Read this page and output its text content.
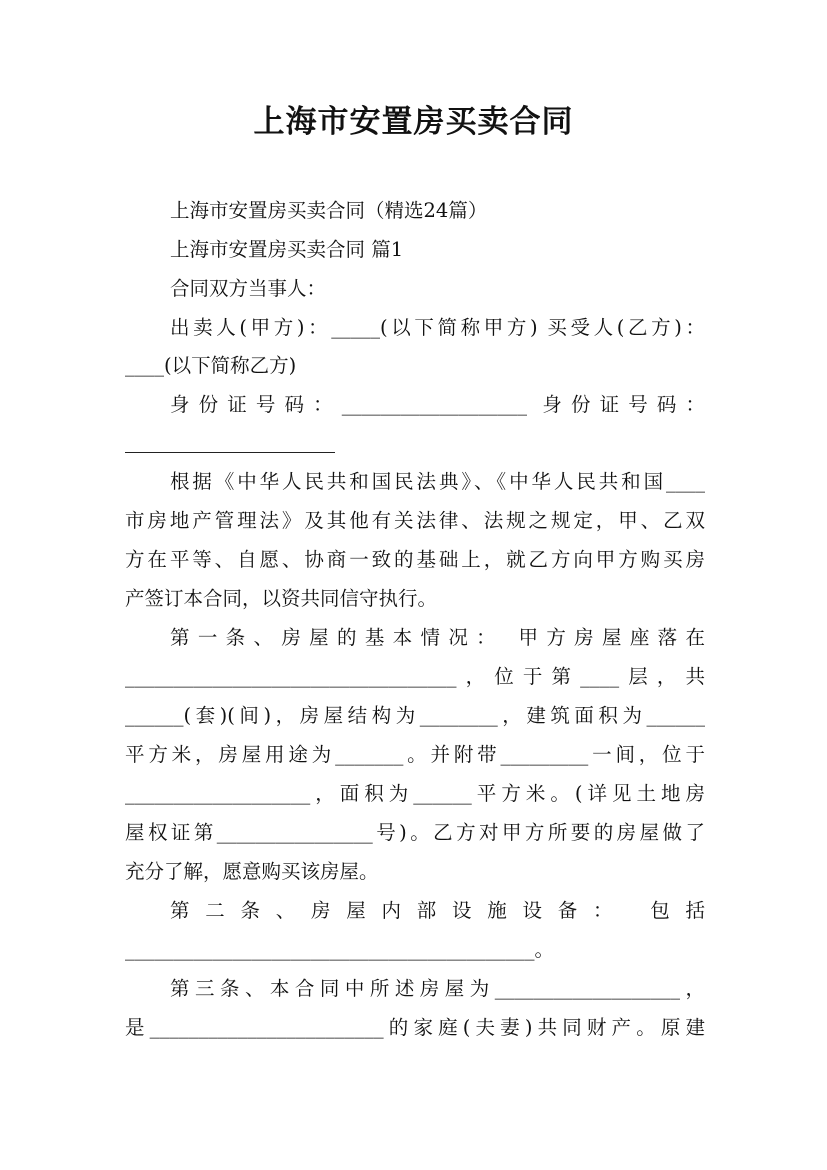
上海市安置房买卖合同
上海市安置房买卖合同（精选24篇）
上海市安置房买卖合同 篇1
合同双方当事人：
出卖人(甲方)：_____(以下简称甲方) 买受人(乙方)：
____(以下简称乙方)
身份证号码：___________________ 身份证号码：
根据《中华人民共和国民法典》、《中华人民共和国____
市房地产管理法》及其他有关法律、法规之规定，甲、乙双
方在平等、自愿、协商一致的基础上，就乙方向甲方购买房
产签订本合同，以资共同信守执行。
第一条、房屋的基本情况： 甲方房屋座落在
__________________________________，位于第____层，共
______(套)(间)，房屋结构为________，建筑面积为______
平方米，房屋用途为_______。并附带_________一间，位于
___________________，面积为______平方米。(详见土地房
屋权证第________________号)。乙方对甲方所要的房屋做了
充分了解，愿意购买该房屋。
第二条、房屋内部设施设备： 包括
__________________________________________。
第三条、本合同中所述房屋为___________________，
是________________________的家庭(夫妻)共同财产。原建
